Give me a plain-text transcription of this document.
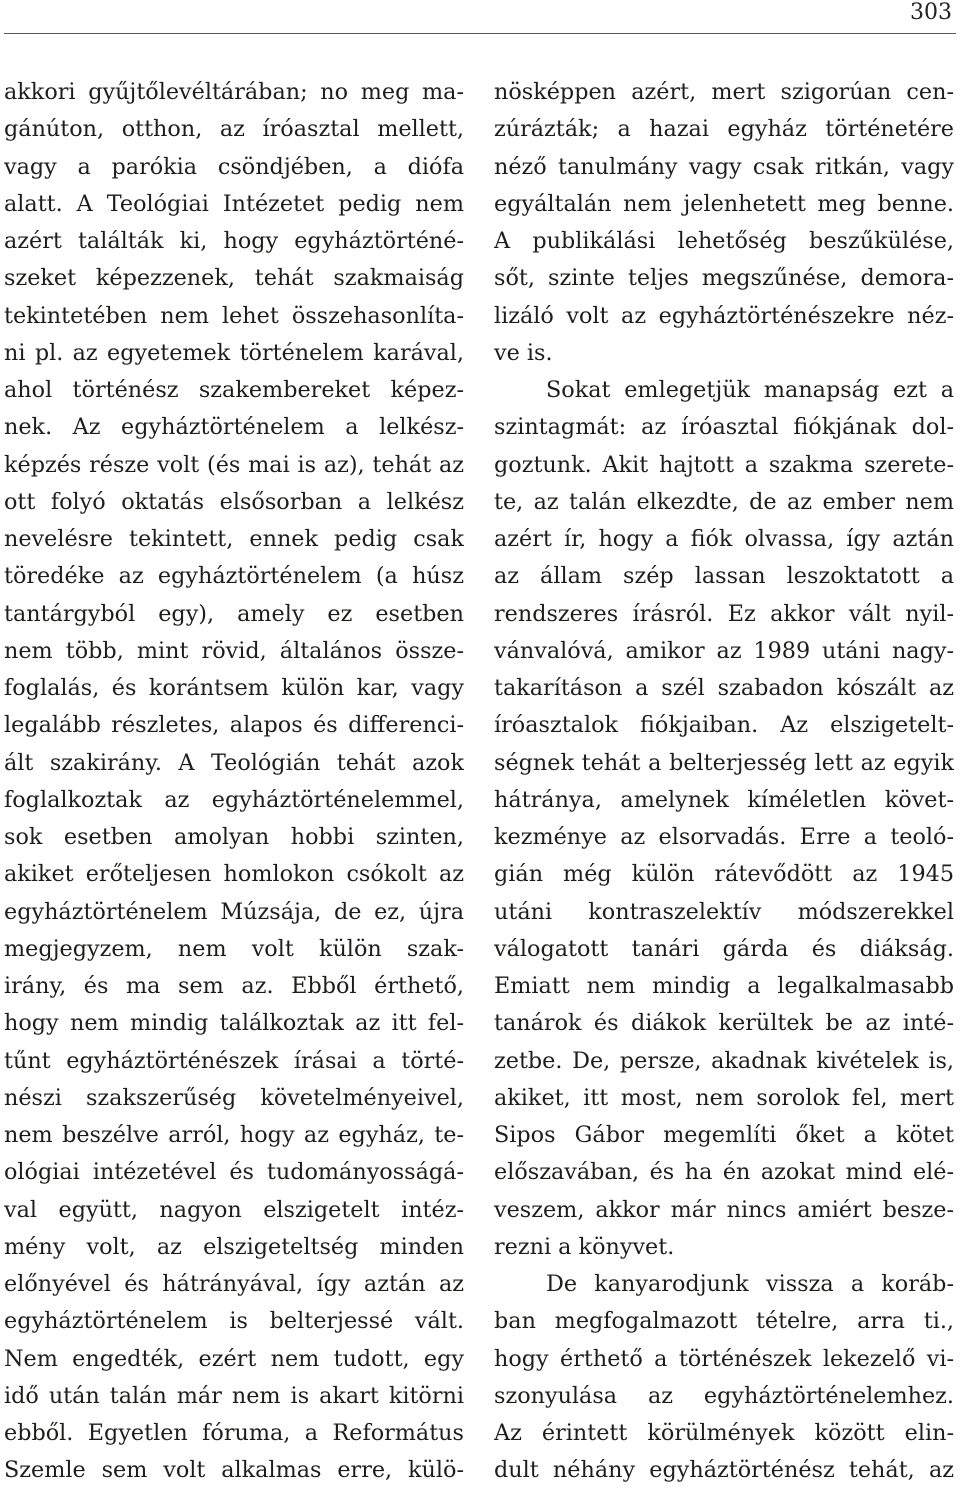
303
akkori gyűjtőlevéltárában; no meg ma-
gánúton, otthon, az íróasztal mellett,
vagy a parókia csöndjében, a diófa
alatt. A Teológiai Intézetet pedig nem
azért találták ki, hogy egyháztörténé-
szeket képezzenek, tehát szakmaiság
tekintetében nem lehet összehasonlíta-
ni pl. az egyetemek történelem karával,
ahol történész szakembereket képez-
nek. Az egyháztörténelem a lelkész-
képzés része volt (és mai is az), tehát az
ott folyó oktatás elsősorban a lelkész
nevelésre tekintett, ennek pedig csak
töredéke az egyháztörténelem (a húsz
tantárgyból egy), amely ez esetben
nem több, mint rövid, általános össze-
foglalás, és korántsem külön kar, vagy
legalább részletes, alapos és differenci-
ált szakirány. A Teológián tehát azok
foglalkoztak az egyháztörténelemmel,
sok esetben amolyan hobbi szinten,
akiket erőteljesen homlokon csókolt az
egyháztörténelem Múzsája, de ez, újra
megjegyzem, nem volt külön szak-
irány, és ma sem az. Ebből érthető,
hogy nem mindig találkoztak az itt fel-
tűnt egyháztörténészek írásai a törté-
nészi szakszerűség követelményeivel,
nem beszélve arról, hogy az egyház, te-
ológiai intézetével és tudományosságá-
val együtt, nagyon elszigetelt intéz-
mény volt, az elszigeteltség minden
előnyével és hátrányával, így aztán az
egyháztörténelem is belterjessé vált.
Nem engedték, ezért nem tudott, egy
idő után talán már nem is akart kitörni
ebből. Egyetlen fóruma, a Református
Szemle sem volt alkalmas erre, külö-
nösképpen azért, mert szigorúan cen-
zúrázták; a hazai egyház történetére
néző tanulmány vagy csak ritkán, vagy
egyáltalán nem jelenhetett meg benne.
A publikálási lehetőség beszűkülése,
sőt, szinte teljes megszűnése, demora-
lizáló volt az egyháztörténészekre néz-
ve is.
Sokat emlegetjük manapság ezt a
szintagmát: az íróasztal fiókjának dol-
goztunk. Akit hajtott a szakma szerete-
te, az talán elkezdte, de az ember nem
azért ír, hogy a fiók olvassa, így aztán
az állam szép lassan leszoktatott a
rendszeres írásról. Ez akkor vált nyil-
vánvalóvá, amikor az 1989 utáni nagy-
takarításon a szél szabadon kószált az
íróasztalok fiókjaiban. Az elszigetelt-
ségnek tehát a belterjesség lett az egyik
hátránya, amelynek kíméletlen követ-
kezménye az elsorvadás. Erre a teoló-
gián még külön rátevődött az 1945
utáni kontraszelektív módszerekkel
válogatott tanári gárda és diákság.
Emiatt nem mindig a legalkalmasabb
tanárok és diákok kerültek be az inté-
zetbe. De, persze, akadnak kivételek is,
akiket, itt most, nem sorolok fel, mert
Sipos Gábor megemlíti őket a kötet
előszavában, és ha én azokat mind elé-
veszem, akkor már nincs amiért besze-
rezni a könyvet.
De kanyarodjunk vissza a koráb-
ban megfogalmazott tételre, arra ti.,
hogy érthető a történészek lekezelő vi-
szonyulása az egyháztörténelemhez.
Az érintett körülmények között elin-
dult néhány egyháztörténész tehát, az
